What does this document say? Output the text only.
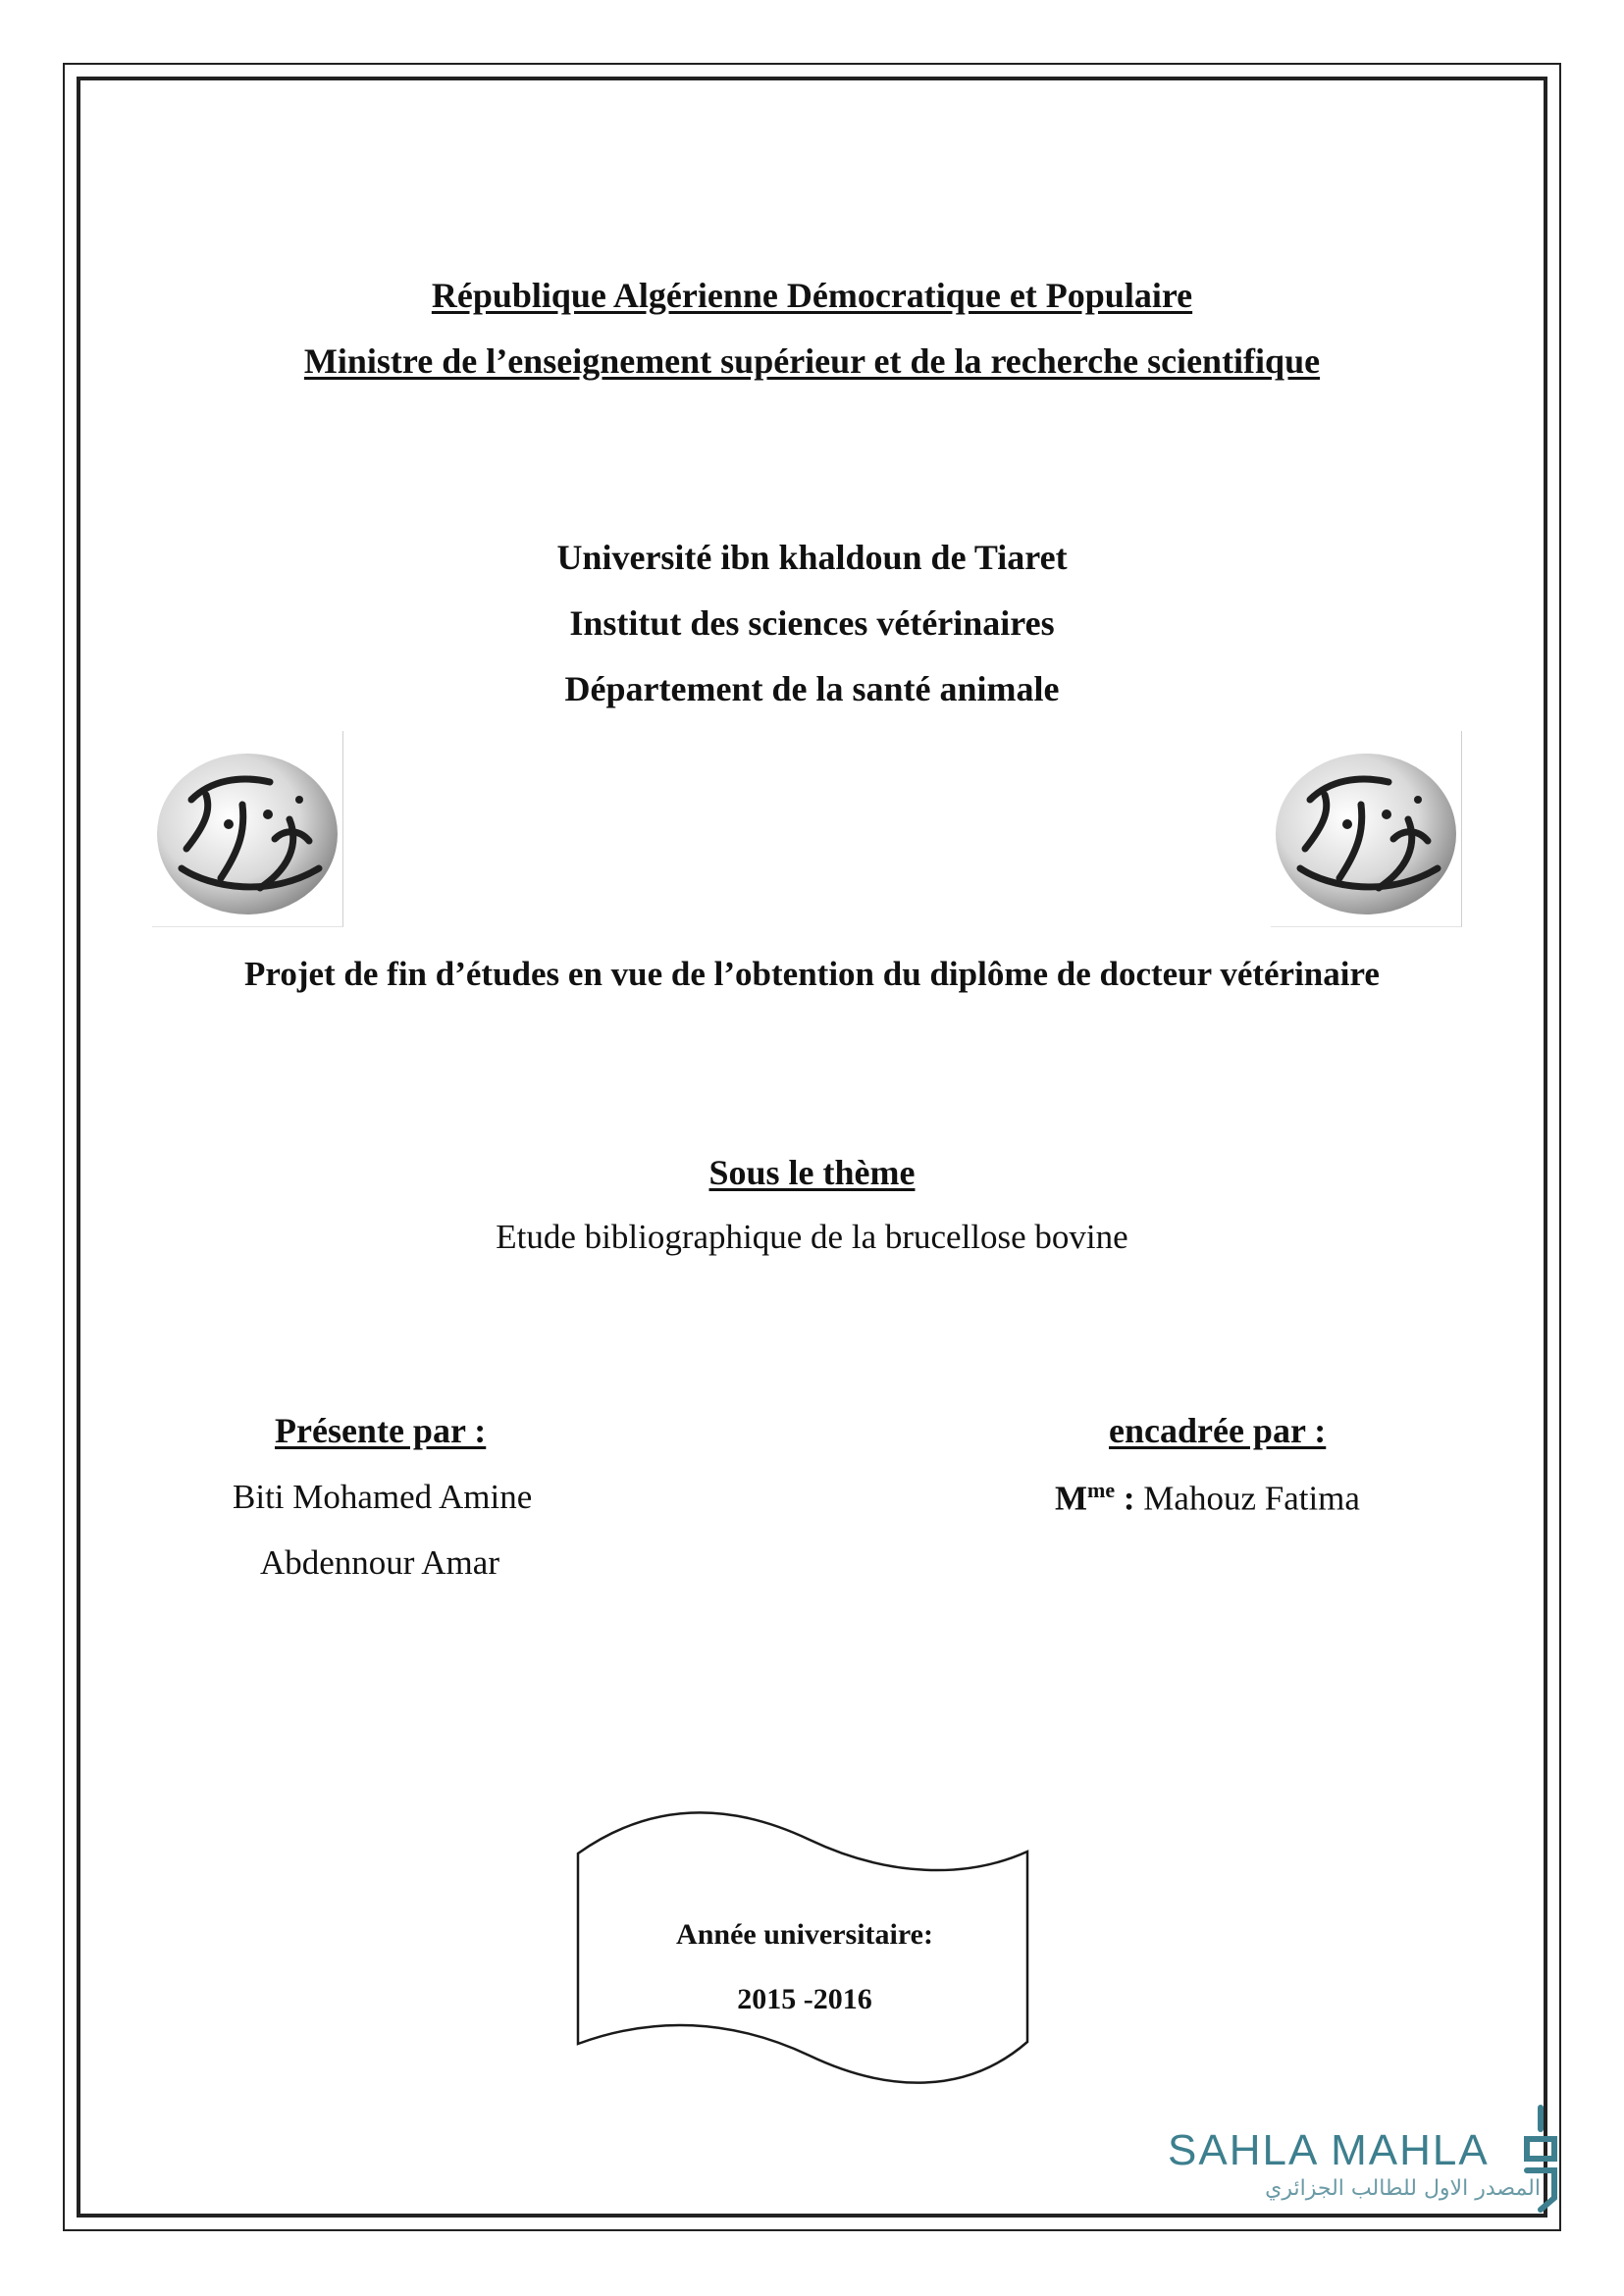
République Algérienne Démocratique et Populaire
Ministre de l’enseignement supérieur et de la recherche scientifique
Université ibn khaldoun de Tiaret
Institut des sciences vétérinaires
Département de la santé animale
Projet de fin d’études en vue de l’obtention du diplôme de docteur vétérinaire
Sous le thème
Etude bibliographique de la brucellose bovine
Présente par :
Biti Mohamed Amine
Abdennour Amar
encadrée par :
$M^{me}$ : Mahouz Fatima
Année universitaire:
2015 -2016
SAHLA MAHLA
المصدر الاول للطالب الجزائري
